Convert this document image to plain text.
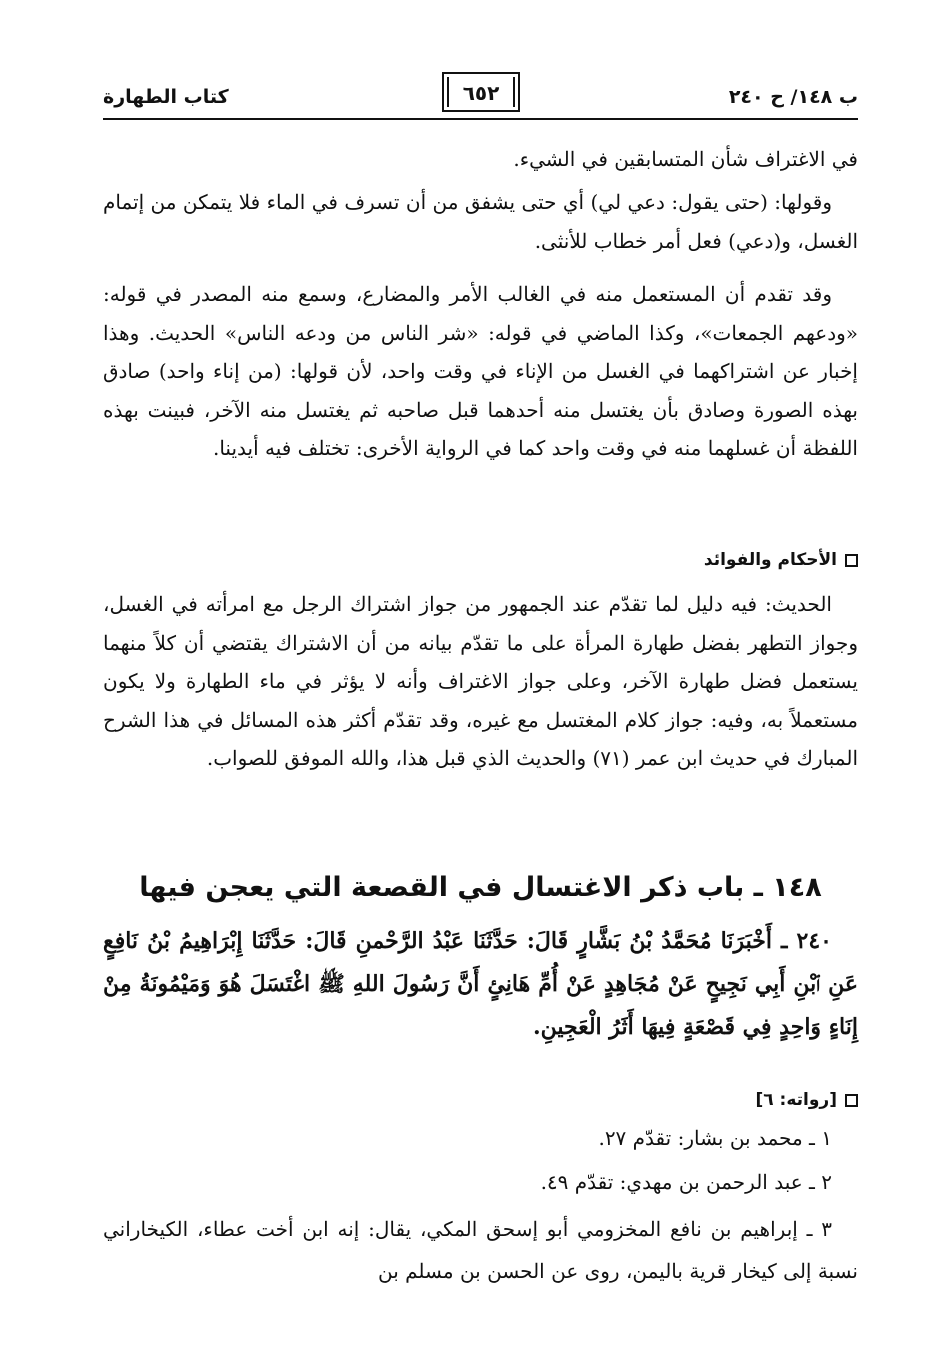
كتاب الطهارة	٦٥٢	ب ١٤٨/ ح ٢٤٠
في الاغتراف شأن المتسابقين في الشيء.
وقولها: (حتى يقول: دعي لي) أي حتى يشفق من أن تسرف في الماء فلا يتمكن من إتمام الغسل، و(دعي) فعل أمر خطاب للأنثى.
وقد تقدم أن المستعمل منه في الغالب الأمر والمضارع، وسمع منه المصدر في قوله: «ودعهم الجمعات»، وكذا الماضي في قوله: «شر الناس من ودعه الناس» الحديث. وهذا إخبار عن اشتراكهما في الغسل من الإناء في وقت واحد، لأن قولها: (من إناء واحد) صادق بهذه الصورة وصادق بأن يغتسل منه أحدهما قبل صاحبه ثم يغتسل منه الآخر، فبينت بهذه اللفظة أن غسلهما منه في وقت واحد كما في الرواية الأخرى: تختلف فيه أيدينا.
الأحكام والفوائد
الحديث: فيه دليل لما تقدّم عند الجمهور من جواز اشتراك الرجل مع امرأته في الغسل، وجواز التطهر بفضل طهارة المرأة على ما تقدّم بيانه من أن الاشتراك يقتضي أن كلاً منهما يستعمل فضل طهارة الآخر، وعلى جواز الاغتراف وأنه لا يؤثر في ماء الطهارة ولا يكون مستعملاً به، وفيه: جواز كلام المغتسل مع غيره، وقد تقدّم أكثر هذه المسائل في هذا الشرح المبارك في حديث ابن عمر (٧١) والحديث الذي قبل هذا، والله الموفق للصواب.
١٤٨ ـ باب ذكر الاغتسال في القصعة التي يعجن فيها
٢٤٠ ـ أَخْبَرَنَا مُحَمَّدُ بْنُ بَشَّارٍ قَالَ: حَدَّثَنَا عَبْدُ الرَّحْمنِ قَالَ: حَدَّثَنَا إِبْرَاهِيمُ بْنُ نَافِعٍ عَنِ ٱبْنِ أَبِي نَجِيحٍ عَنْ مُجَاهِدٍ عَنْ أُمِّ هَانِئٍ أَنَّ رَسُولَ اللهِ ﷺ اغْتَسَلَ هُوَ وَمَيْمُونَةُ مِنْ إِنَاءٍ وَاحِدٍ فِي قَصْعَةٍ فِيهَا أَثَرُ الْعَجِينِ.
[رواته: ٦]
١ ـ محمد بن بشار: تقدّم ٢٧.
٢ ـ عبد الرحمن بن مهدي: تقدّم ٤٩.
٣ ـ إبراهيم بن نافع المخزومي أبو إسحق المكي، يقال: إنه ابن أخت عطاء، الكيخاراني نسبة إلى كيخار قرية باليمن، روى عن الحسن بن مسلم بن
